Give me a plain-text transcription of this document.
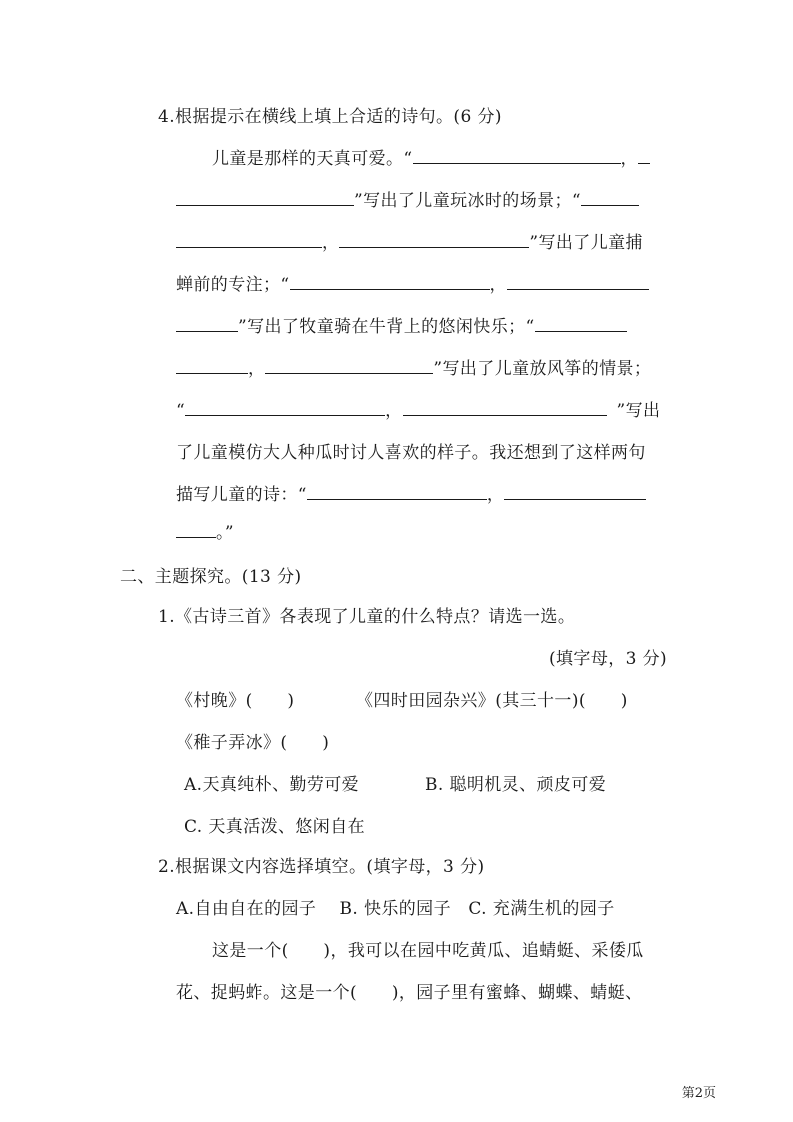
4.根据提示在横线上填上合适的诗句。(6 分)
儿童是那样的天真可爱。“	，
”写出了儿童玩冰时的场景；“
，	”写出了儿童捕
蝉前的专注；“	，
”写出了牧童骑在牛背上的悠闲快乐；“
，	”写出了儿童放风筝的情景；
“	，	”写出
了儿童模仿大人种瓜时讨人喜欢的样子。我还想到了这样两句
描写儿童的诗：“	，
。”
二、主题探究。(13 分)
1.《古诗三首》各表现了儿童的什么特点？请选一选。
(填字母，3 分)
《村晚》(　　)	《四时田园杂兴》(其三十一)(　　)
《稚子弄冰》(　　)
A.天真纯朴、勤劳可爱	B. 聪明机灵、顽皮可爱
C. 天真活泼、悠闲自在
2.根据课文内容选择填空。(填字母，3 分)
A.自由自在的园子　 B. 快乐的园子　C. 充满生机的园子
这是一个(　　)，我可以在园中吃黄瓜、追蜻蜓、采倭瓜
花、捉蚂蚱。这是一个(　　)，园子里有蜜蜂、蝴蝶、蜻蜓、
第2页
